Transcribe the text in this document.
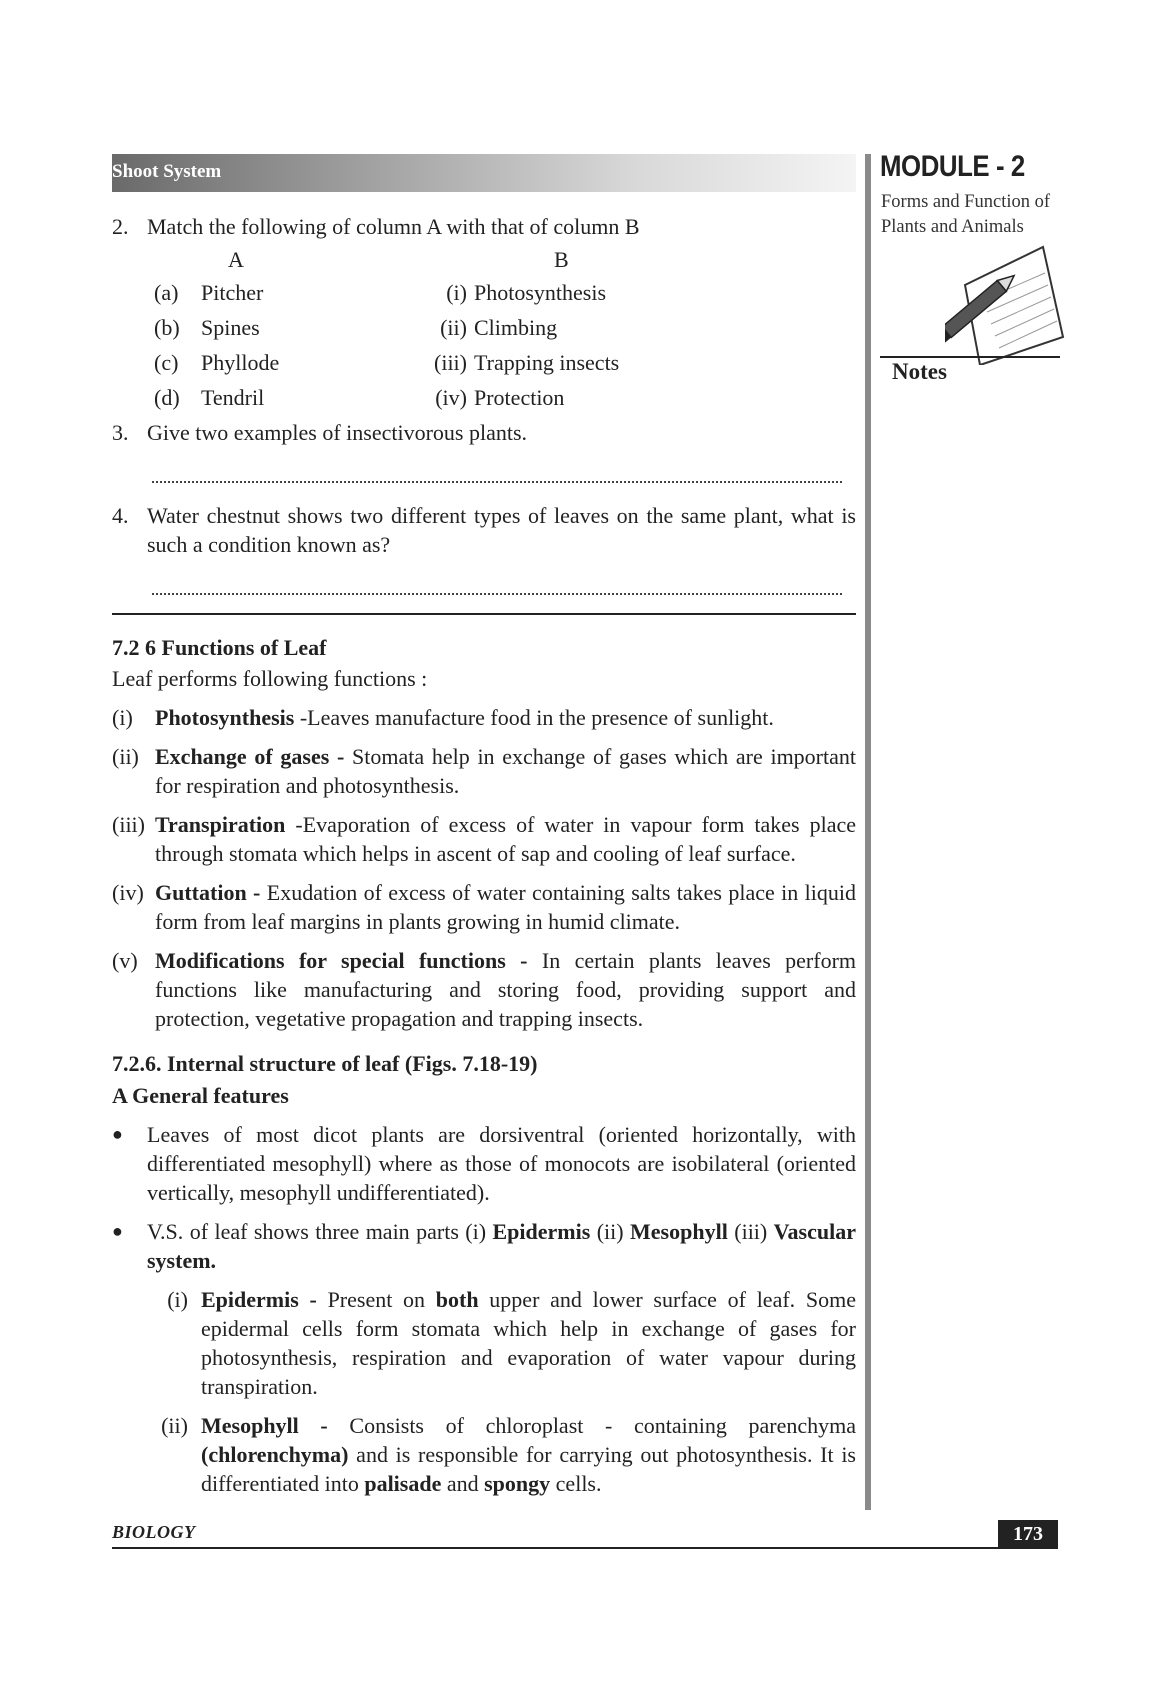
Shoot System	MODULE - 2
Forms and Function of
Plants and Animals
Notes
2. Match the following of column A with that of column B
A	B
(a) Pitcher	(i) Photosynthesis
(b) Spines	(ii) Climbing
(c) Phyllode	(iii) Trapping insects
(d) Tendril	(iv) Protection
3. Give two examples of insectivorous plants.
4. Water chestnut shows two different types of leaves on the same plant, what is such a condition known as?
7.2 6 Functions of Leaf
Leaf performs following functions :
(i) Photosynthesis -Leaves manufacture food in the presence of sunlight.
(ii) Exchange of gases - Stomata help in exchange of gases which are important for respiration and photosynthesis.
(iii) Transpiration -Evaporation of excess of water in vapour form takes place through stomata which helps in ascent of sap and cooling of leaf surface.
(iv) Guttation - Exudation of excess of water containing salts takes place in liquid form from leaf margins in plants growing in humid climate.
(v) Modifications for special functions - In certain plants leaves perform functions like manufacturing and storing food, providing support and protection, vegetative propagation and trapping insects.
7.2.6. Internal structure of leaf (Figs. 7.18-19)
A General features
● Leaves of most dicot plants are dorsiventral (oriented horizontally, with differentiated mesophyll) where as those of monocots are isobilateral (oriented vertically, mesophyll undifferentiated).
● V.S. of leaf shows three main parts (i) Epidermis (ii) Mesophyll (iii) Vascular system.
(i) Epidermis - Present on both upper and lower surface of leaf. Some epidermal cells form stomata which help in exchange of gases for photosynthesis, respiration and evaporation of water vapour during transpiration.
(ii) Mesophyll - Consists of chloroplast - containing parenchyma (chlorenchyma) and is responsible for carrying out photosynthesis. It is differentiated into palisade and spongy cells.
BIOLOGY	173
